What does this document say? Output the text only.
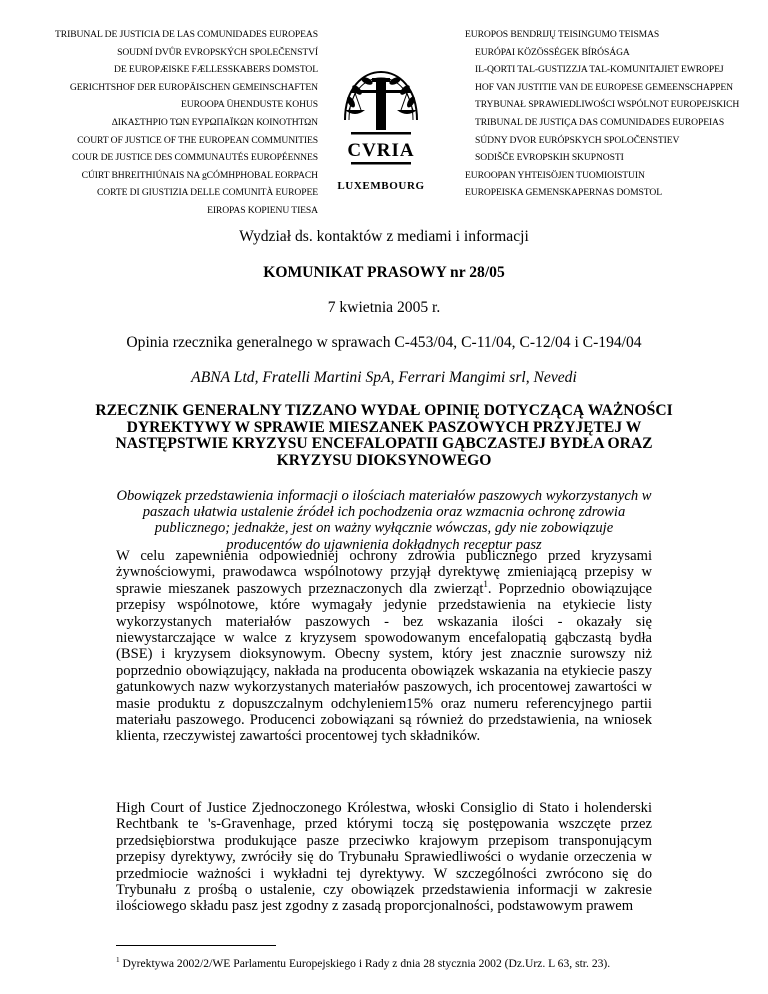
TRIBUNAL DE JUSTICIA DE LAS COMUNIDADES EUROPEAS
SOUDNÍ DVŮR EVROPSKÝCH SPOLEČENSTVÍ
DE EUROPÆISKE FÆLLESSKABERS DOMSTOL
GERICHTSHOF DER EUROPÄISCHEN GEMEINSCHAFTEN
EUROOPA ÜHENDUSTE KOHUS
ΔΙΚΑΣΤΗΡΙΟ ΤΩΝ ΕΥΡΩΠΑΪΚΩΝ ΚΟΙΝΟΤΗΤΩΝ
COURT OF JUSTICE OF THE EUROPEAN COMMUNITIES
COUR DE JUSTICE DES COMMUNAUTÉS EUROPÉENNES
CÚIRT BHREITHIÚNAIS NA gCÓMHPHOBAL EORPACH
CORTE DI GIUSTIZIA DELLE COMUNITÀ EUROPEE
EIROPAS KOPIENU TIESA
CVRIA
LUXEMBOURG
EUROPOS BENDRIJŲ TEISINGUMO TEISMAS
EURÓPAI KÖZÖSSÉGEK BÍRÓSÁGA
IL-QORTI TAL-GUSTIZZJA TAL-KOMUNITAJIET EWROPEJ
HOF VAN JUSTITIE VAN DE EUROPESE GEMEENSCHAPPEN
TRYBUNAŁ SPRAWIEDLIWOŚCI WSPÓLNOT EUROPEJSKICH
TRIBUNAL DE JUSTIÇA DAS COMUNIDADES EUROPEIAS
SÚDNY DVOR EURÓPSKYCH SPOLOČENSTIEV
SODIŠČE EVROPSKIH SKUPNOSTI
EUROOPAN YHTEISÖJEN TUOMIOISTUIN
EUROPEISKA GEMENSKAPERNAS DOMSTOL
Wydział ds. kontaktów z mediami i informacji
KOMUNIKAT PRASOWY nr 28/05
7 kwietnia 2005 r.
Opinia rzecznika generalnego w sprawach C-453/04, C-11/04, C-12/04 i C-194/04
ABNA Ltd, Fratelli Martini SpA, Ferrari Mangimi srl, Nevedi
RZECZNIK GENERALNY TIZZANO WYDAŁ OPINIĘ DOTYCZĄCĄ WAŻNOŚCI DYREKTYWY W SPRAWIE MIESZANEK PASZOWYCH PRZYJĘTEJ W NASTĘPSTWIE KRYZYSU ENCEFALOPATII GĄBCZASTEJ BYDŁA ORAZ KRYZYSU DIOKSYNOWEGO
Obowiązek przedstawienia informacji o ilościach materiałów paszowych wykorzystanych w paszach ułatwia ustalenie źródeł ich pochodzenia oraz wzmacnia ochronę zdrowia publicznego; jednakże, jest on ważny wyłącznie wówczas, gdy nie zobowiązuje producentów do ujawnienia dokładnych receptur pasz

W celu zapewnienia odpowiedniej ochrony zdrowia publicznego przed kryzysami żywnościowymi, prawodawca wspólnotowy przyjął dyrektywę zmieniającą przepisy w sprawie mieszanek paszowych przeznaczonych dla zwierząt$^1$. Poprzednio obowiązujące przepisy wspólnotowe, które wymagały jedynie przedstawienia na etykiecie listy wykorzystanych materiałów paszowych - bez wskazania ilości - okazały się niewystarczające w walce z kryzysem spowodowanym encefalopatią gąbczastą bydła (BSE) i kryzysem dioksynowym. Obecny system, który jest znacznie surowszy niż poprzednio obowiązujący, nakłada na producenta obowiązek wskazania na etykiecie paszy gatunkowych nazw wykorzystanych materiałów paszowych, ich procentowej zawartości w masie produktu z dopuszczalnym odchyleniem15% oraz numeru referencyjnego partii materiału paszowego. Producenci zobowiązani są również do przedstawienia, na wniosek klienta, rzeczywistej zawartości procentowej tych składników.

High Court of Justice Zjednoczonego Królestwa, włoski Consiglio di Stato i holenderski Rechtbank te 's-Gravenhage, przed którymi toczą się postępowania wszczęte przez przedsiębiorstwa produkujące pasze przeciwko krajowym przepisom transponującym przepisy dyrektywy, zwróciły się do Trybunału Sprawiedliwości o wydanie orzeczenia w przedmiocie ważności i wykładni tej dyrektywy. W szczególności zwrócono się do Trybunału z prośbą o ustalenie, czy obowiązek przedstawienia informacji w zakresie ilościowego składu pasz jest zgodny z zasadą proporcjonalności, podstawowym prawem

$^1$ Dyrektywa 2002/2/WE Parlamentu Europejskiego i Rady z dnia 28 stycznia 2002 (Dz.Urz. L 63, str. 23).
